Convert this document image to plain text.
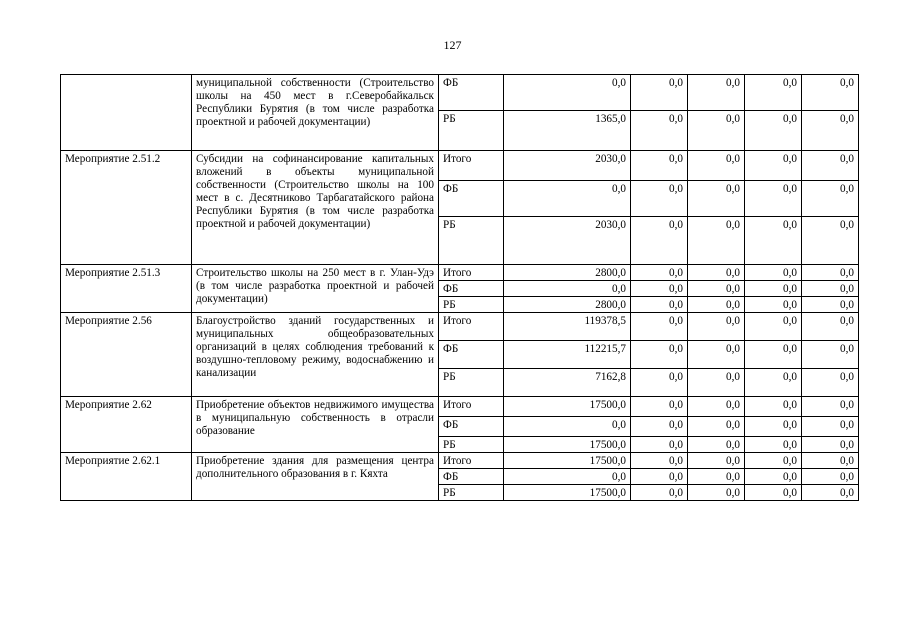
127
	муниципальной собственности (Строительство школы на 450 мест в г.Северобайкальск Республики Бурятия (в том числе разработка проектной и рабочей документации)	ФБ	0,0	0,0	0,0	0,0	0,0
		РБ	1365,0	0,0	0,0	0,0	0,0
Мероприятие 2.51.2	Субсидии на софинансирование капитальных вложений в объекты муниципальной собственности (Строительство школы на 100 мест в с. Десятниково Тарбагатайского района Республики Бурятия (в том числе разработка проектной и рабочей документации)	Итого	2030,0	0,0	0,0	0,0	0,0
		ФБ	0,0	0,0	0,0	0,0	0,0
		РБ	2030,0	0,0	0,0	0,0	0,0
Мероприятие 2.51.3	Строительство школы на 250 мест в г. Улан-Удэ (в том числе разработка проектной и рабочей документации)	Итого	2800,0	0,0	0,0	0,0	0,0
		ФБ	0,0	0,0	0,0	0,0	0,0
		РБ	2800,0	0,0	0,0	0,0	0,0
Мероприятие 2.56	Благоустройство зданий государственных и муниципальных общеобразовательных организаций в целях соблюдения требований к воздушно-тепловому режиму, водоснабжению и канализации	Итого	119378,5	0,0	0,0	0,0	0,0
		ФБ	112215,7	0,0	0,0	0,0	0,0
		РБ	7162,8	0,0	0,0	0,0	0,0
Мероприятие 2.62	Приобретение объектов недвижимого имущества в муниципальную собственность в отрасли образование	Итого	17500,0	0,0	0,0	0,0	0,0
		ФБ	0,0	0,0	0,0	0,0	0,0
		РБ	17500,0	0,0	0,0	0,0	0,0
Мероприятие 2.62.1	Приобретение здания для размещения центра дополнительного образования в г. Кяхта	Итого	17500,0	0,0	0,0	0,0	0,0
		ФБ	0,0	0,0	0,0	0,0	0,0
		РБ	17500,0	0,0	0,0	0,0	0,0
